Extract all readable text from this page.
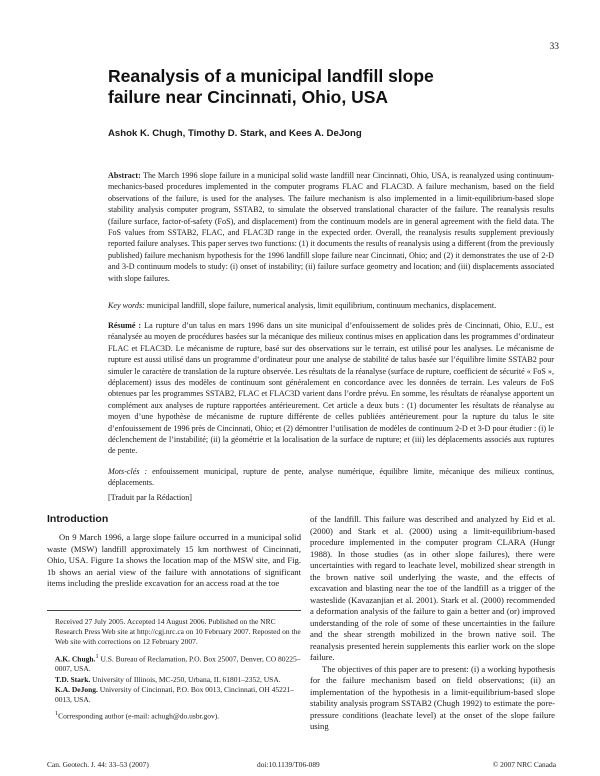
33
Reanalysis of a municipal landfill slope failure near Cincinnati, Ohio, USA
Ashok K. Chugh, Timothy D. Stark, and Kees A. DeJong
Abstract: The March 1996 slope failure in a municipal solid waste landfill near Cincinnati, Ohio, USA, is reanalyzed using continuum-mechanics-based procedures implemented in the computer programs FLAC and FLAC3D. A failure mechanism, based on the field observations of the failure, is used for the analyses. The failure mechanism is also implemented in a limit-equilibrium-based slope stability analysis computer program, SSTAB2, to simulate the observed translational character of the failure. The reanalysis results (failure surface, factor-of-safety (FoS), and displacement) from the continuum models are in general agreement with the field data. The FoS values from SSTAB2, FLAC, and FLAC3D range in the expected order. Overall, the reanalysis results supplement previously reported failure analyses. This paper serves two functions: (1) it documents the results of reanalysis using a different (from the previously published) failure mechanism hypothesis for the 1996 landfill slope failure near Cincinnati, Ohio; and (2) it demonstrates the use of 2-D and 3-D continuum models to study: (i) onset of instability; (ii) failure surface geometry and location; and (iii) displacements associated with slope failures.
Key words: municipal landfill, slope failure, numerical analysis, limit equilibrium, continuum mechanics, displacement.
Résumé : La rupture d’un talus en mars 1996 dans un site municipal d’enfouissement de solides près de Cincinnati, Ohio, E.U., est réanalysée au moyen de procédures basées sur la mécanique des milieux continus mises en application dans les programmes d’ordinateur FLAC et FLAC3D. Le mécanisme de rupture, basé sur des observations sur le terrain, est utilisé pour les analyses. Le mécanisme de rupture est aussi utilisé dans un programme d’ordinateur pour une analyse de stabilité de talus basée sur l’équilibre limite SSTAB2 pour simuler le caractère de translation de la rupture observée. Les résultats de la réanalyse (surface de rupture, coefficient de sécurité « FoS », déplacement) issus des modèles de continuum sont généralement en concordance avec les données de terrain. Les valeurs de FoS obtenues par les programmes SSTAB2, FLAC et FLAC3D varient dans l’ordre prévu. En somme, les résultats de réanalyse apportent un complément aux analyses de rupture rapportées antérieurement. Cet article a deux buts : (1) documenter les résultats de réanalyse au moyen d’une hypothèse de mécanisme de rupture différente de celles publiées antérieurement pour la rupture du talus le site d’enfouissement de 1996 près de Cincinnati, Ohio; et (2) démontrer l’utilisation de modèles de continuum 2-D et 3-D pour étudier : (i) le déclenchement de l’instabilité; (ii) la géométrie et la localisation de la surface de rupture; et (iii) les déplacements associés aux ruptures de pente.
Mots-clés : enfouissement municipal, rupture de pente, analyse numérique, équilibre limite, mécanique des milieux continus, déplacements.
[Traduit par la Rédaction]
Introduction

On 9 March 1996, a large slope failure occurred in a municipal solid waste (MSW) landfill approximately 15 km northwest of Cincinnati, Ohio, USA. Figure 1a shows the location map of the MSW site, and Fig. 1b shows an aerial view of the failure with annotations of significant items including the preslide excavation for an access road at the toe

Received 27 July 2005. Accepted 14 August 2006. Published on the NRC Research Press Web site at http://cgj.nrc.ca on 10 February 2007. Reposted on the Web site with corrections on 12 February 2007.

A.K. Chugh.$^1$ U.S. Bureau of Reclamation, P.O. Box 25007, Denver, CO 80225–0007, USA.
T.D. Stark. University of Illinois, MC-250, Urbana, IL 61801–2352, USA.
K.A. DeJong. University of Cincinnati, P.O. Box 0013, Cincinnati, OH 45221–0013, USA.

$^1$Corresponding author (e-mail: achugh@do.usbr.gov).

of the landfill. This failure was described and analyzed by Eid et al. (2000) and Stark et al. (2000) using a limit-equilibrium-based procedure implemented in the computer program CLARA (Hungr 1988). In those studies (as in other slope failures), there were uncertainties with regard to leachate level, mobilized shear strength in the brown native soil underlying the waste, and the effects of excavation and blasting near the toe of the landfill as a trigger of the wasteslide (Kavazanjian et al. 2001). Stark et al. (2000) recommended a deformation analysis of the failure to gain a better and (or) improved understanding of the role of some of these uncertainties in the failure and the shear strength mobilized in the brown native soil. The reanalysis presented herein supplements this earlier work on the slope failure.

The objectives of this paper are to present: (i) a working hypothesis for the failure mechanism based on field observations; (ii) an implementation of the hypothesis in a limit-equilibrium-based slope stability analysis program SSTAB2 (Chugh 1992) to estimate the pore-pressure conditions (leachate level) at the onset of the slope failure using

Can. Geotech. J. 44: 33–53 (2007)	doi:10.1139/T06-089	© 2007 NRC Canada
